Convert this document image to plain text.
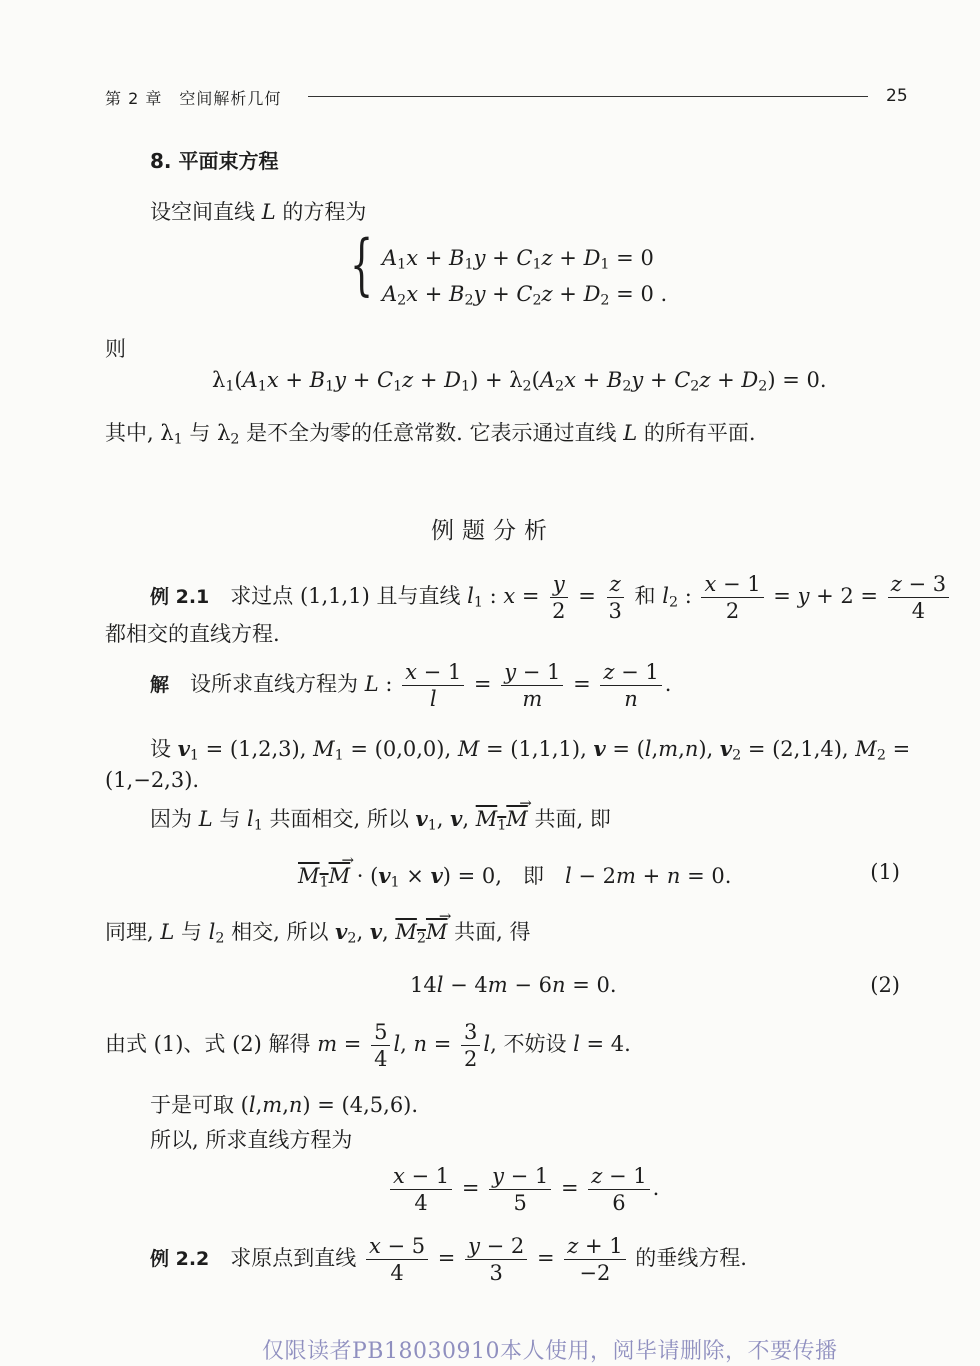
第 2 章　空间解析几何	25
8. 平面束方程
设空间直线 L 的方程为
{ $A_1x + B_1y + C_1z + D_1 = 0$
$A_2x + B_2y + C_2z + D_2 = 0$ .
则
$\lambda_1(A_1x + B_1y + C_1z + D_1) + \lambda_2(A_2x + B_2y + C_2z + D_2) = 0$.
其中, $\lambda_1$ 与 $\lambda_2$ 是不全为零的任意常数. 它表示通过直线 L 的所有平面.
例题分析
例 2.1　求过点 (1,1,1) 且与直线 $l_1$ : $x = \frac{y}{2} = \frac{z}{3}$ 和 $l_2$ : $\frac{x - 1}{2} = y + 2 = \frac{z - 3}{4}$
都相交的直线方程.
解　设所求直线方程为 L : $\frac{x - 1}{l} = \frac{y - 1}{m} = \frac{z - 1}{n}$ .
设 $v_1 = (1,2,3)$, $M_1 = (0,0,0)$, M = (1,1,1), v = (l,m,n), $v_2 = (2,1,4)$, $M_2$ =
(1,−2,3).
因为 L 与 $l_1$ 共面相交, 所以 $v_1$, v, $M_1M$ → 共面, 即
$M_1M$ → · $(v_1 \times v) = 0$,　即　l − 2m + n = 0.	(1)
同理, L 与 $l_2$ 相交, 所以 $v_2$, v, $M_2M$ → 共面, 得
14l − 4m − 6n = 0.	(2)
由式 (1)、式 (2) 解得 $m = \frac{5}{4} l$, $n = \frac{3}{2} l$, 不妨设 l = 4.
于是可取 (l,m,n) = (4,5,6).
所以, 所求直线方程为
$\frac{x - 1}{4} = \frac{y - 1}{5} = \frac{z - 1}{6}$ .
例 2.2　求原点到直线 $\frac{x - 5}{4} = \frac{y - 2}{3} = \frac{z + 1}{-2}$ 的垂线方程.
仅限读者PB18030910本人使用，阅毕请删除，不要传播
